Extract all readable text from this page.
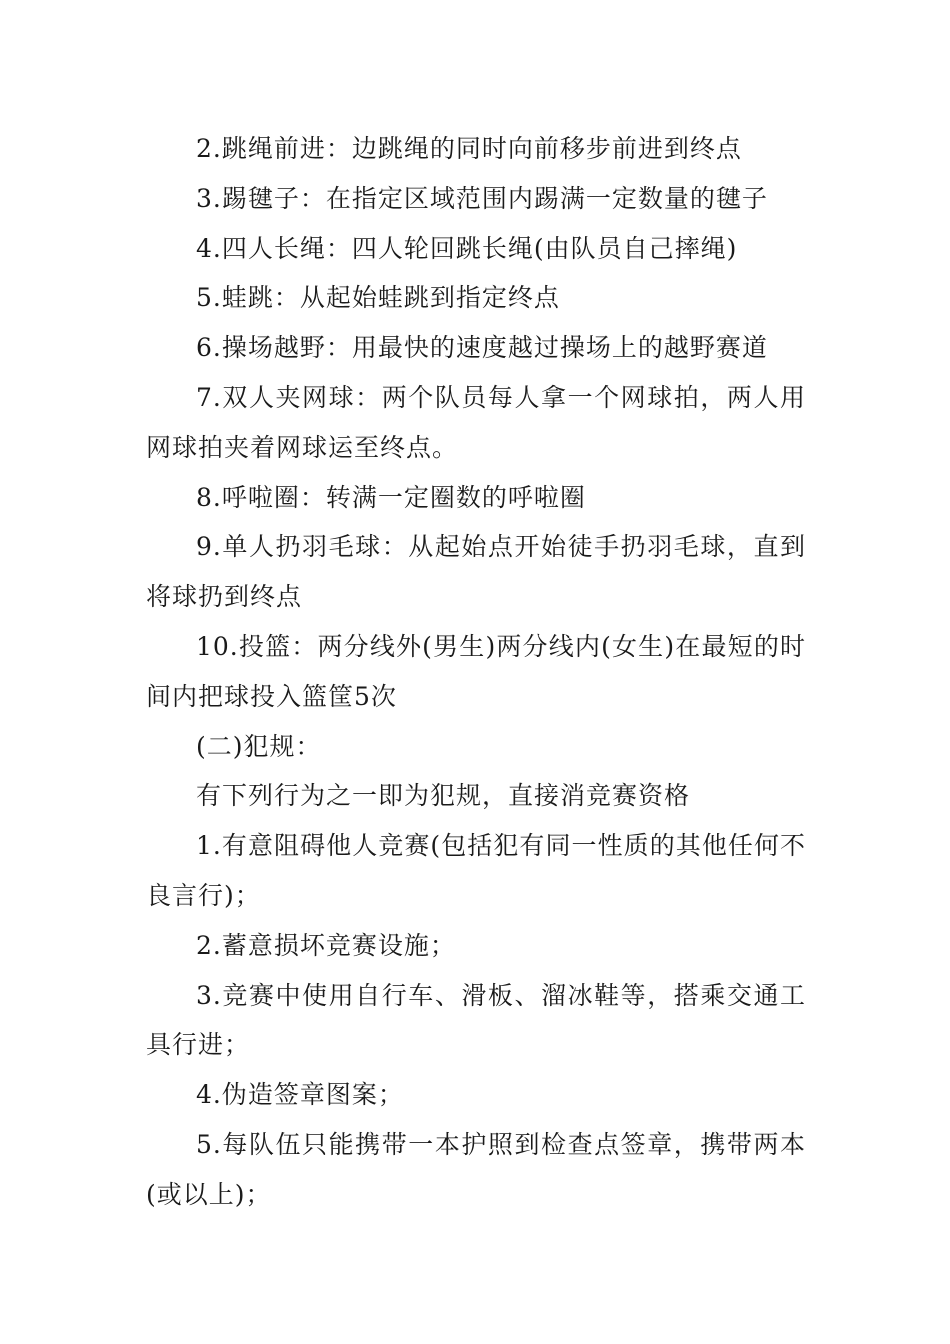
2.跳绳前进：边跳绳的同时向前移步前进到终点

3.踢毽子：在指定区域范围内踢满一定数量的毽子

4.四人长绳：四人轮回跳长绳(由队员自己摔绳)

5.蛙跳：从起始蛙跳到指定终点

6.操场越野：用最快的速度越过操场上的越野赛道

7.双人夹网球：两个队员每人拿一个网球拍，两人用网球拍夹着网球运至终点。

8.呼啦圈：转满一定圈数的呼啦圈

9.单人扔羽毛球：从起始点开始徒手扔羽毛球，直到将球扔到终点

10.投篮：两分线外(男生)两分线内(女生)在最短的时间内把球投入篮筐5次

(二)犯规：

有下列行为之一即为犯规，直接消竞赛资格

1.有意阻碍他人竞赛(包括犯有同一性质的其他任何不良言行)；

2.蓄意损坏竞赛设施；

3.竞赛中使用自行车、滑板、溜冰鞋等，搭乘交通工具行进；

4.伪造签章图案；

5.每队伍只能携带一本护照到检查点签章，携带两本(或以上)；
